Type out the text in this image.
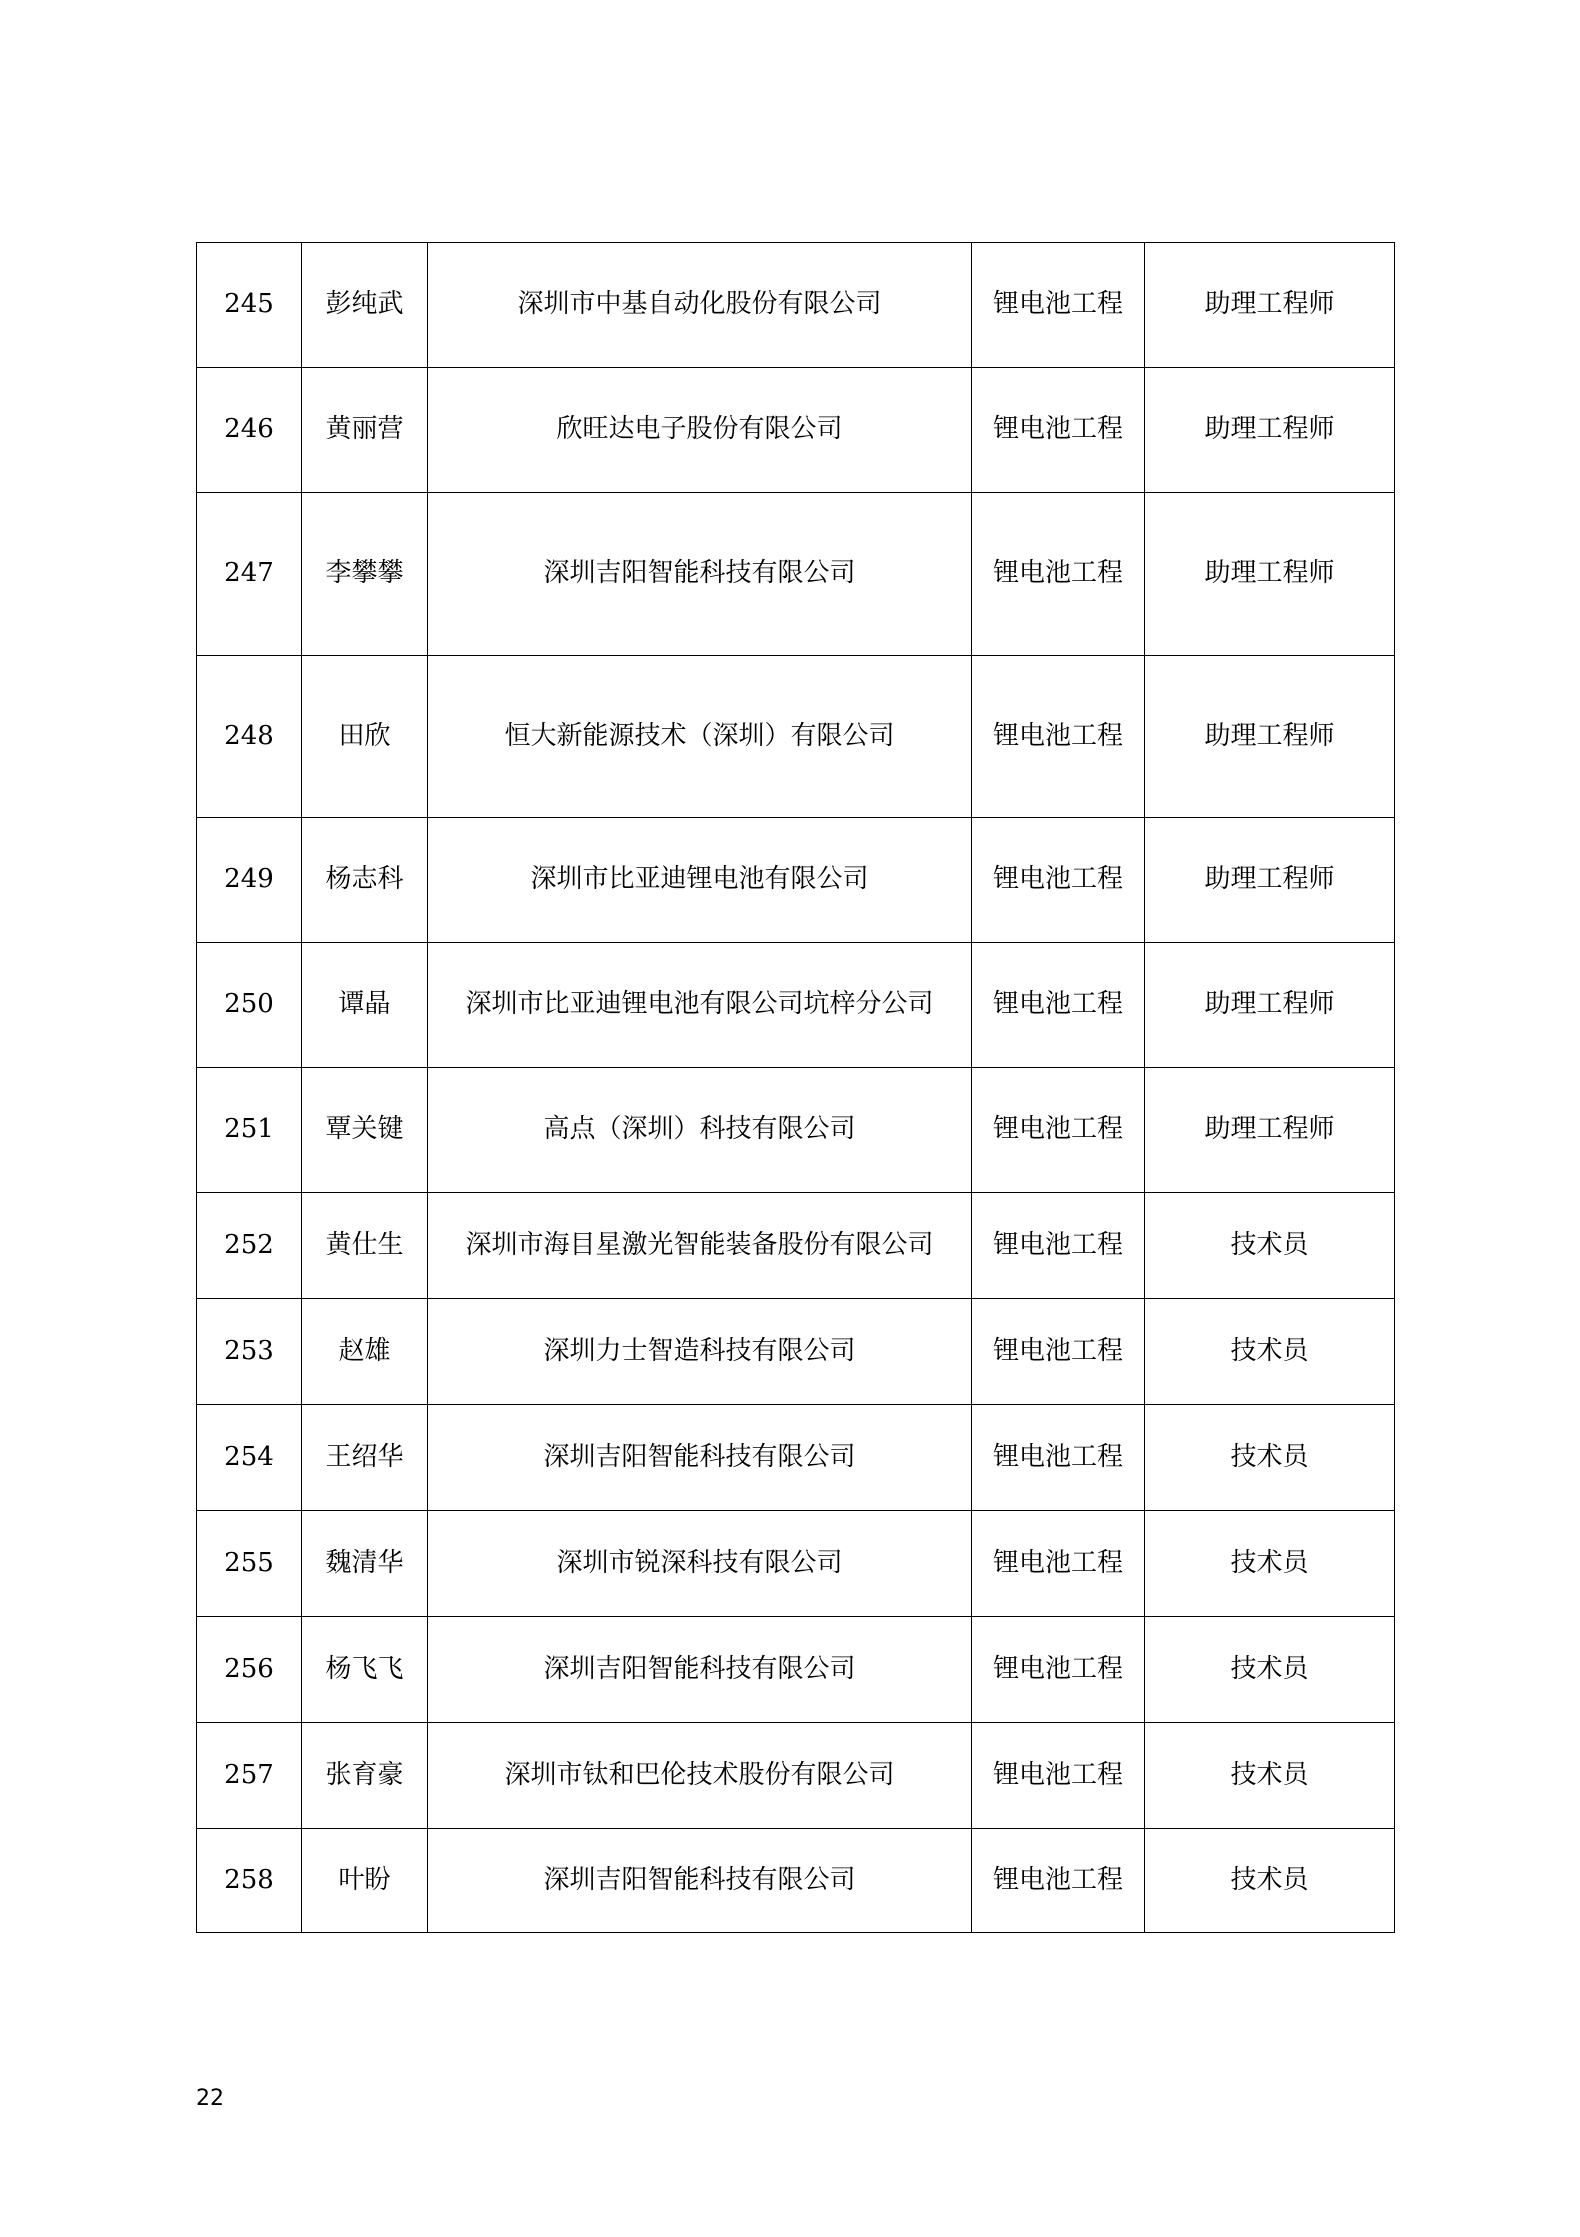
245	彭纯武	深圳市中基自动化股份有限公司	锂电池工程	助理工程师
246	黄丽营	欣旺达电子股份有限公司	锂电池工程	助理工程师
247	李攀攀	深圳吉阳智能科技有限公司	锂电池工程	助理工程师
248	田欣	恒大新能源技术（深圳）有限公司	锂电池工程	助理工程师
249	杨志科	深圳市比亚迪锂电池有限公司	锂电池工程	助理工程师
250	谭晶	深圳市比亚迪锂电池有限公司坑梓分公司	锂电池工程	助理工程师
251	覃关键	高点（深圳）科技有限公司	锂电池工程	助理工程师
252	黄仕生	深圳市海目星激光智能装备股份有限公司	锂电池工程	技术员
253	赵雄	深圳力士智造科技有限公司	锂电池工程	技术员
254	王绍华	深圳吉阳智能科技有限公司	锂电池工程	技术员
255	魏清华	深圳市锐深科技有限公司	锂电池工程	技术员
256	杨飞飞	深圳吉阳智能科技有限公司	锂电池工程	技术员
257	张育豪	深圳市钛和巴伦技术股份有限公司	锂电池工程	技术员
258	叶盼	深圳吉阳智能科技有限公司	锂电池工程	技术员
22
